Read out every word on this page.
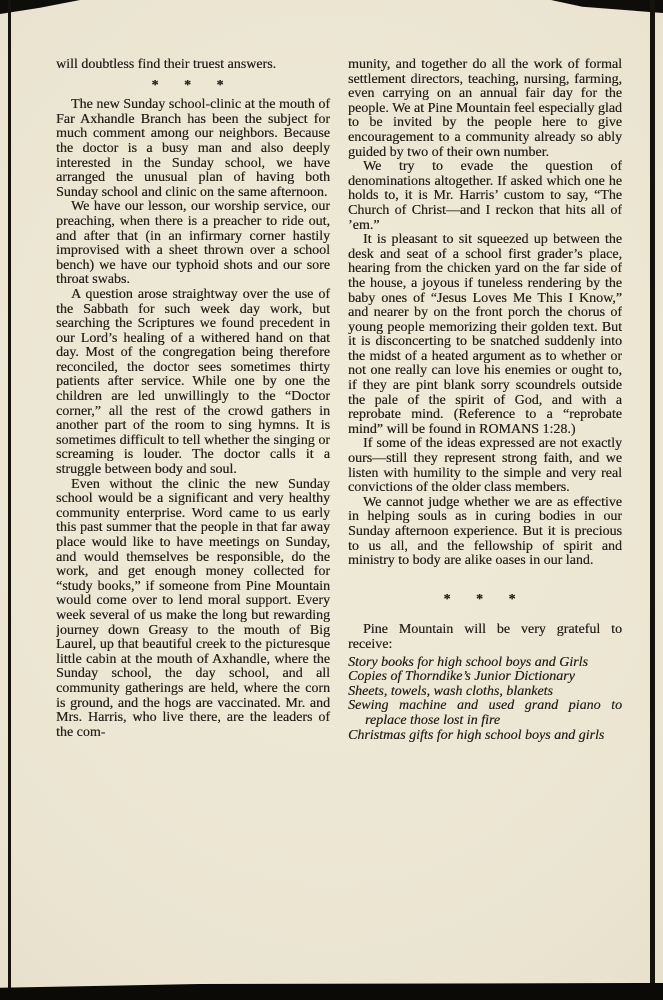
will doubtless find their truest answers.

* * *

The new Sunday school-clinic at the mouth of Far Axhandle Branch has been the subject for much comment among our neighbors. Because the doctor is a busy man and also deeply interested in the Sunday school, we have arranged the unusual plan of having both Sunday school and clinic on the same afternoon.

We have our lesson, our worship service, our preaching, when there is a preacher to ride out, and after that (in an infirmary corner hastily improvised with a sheet thrown over a school bench) we have our typhoid shots and our sore throat swabs.

A question arose straightway over the use of the Sabbath for such week day work, but searching the Scriptures we found precedent in our Lord’s healing of a withered hand on that day. Most of the congregation being therefore reconciled, the doctor sees sometimes thirty patients after service. While one by one the children are led unwillingly to the “Doctor corner,” all the rest of the crowd gathers in another part of the room to sing hymns. It is sometimes difficult to tell whether the singing or screaming is louder. The doctor calls it a struggle between body and soul.

Even without the clinic the new Sunday school would be a significant and very healthy community enterprise. Word came to us early this past summer that the people in that far away place would like to have meetings on Sunday, and would themselves be responsible, do the work, and get enough money collected for “study books,” if someone from Pine Mountain would come over to lend moral support. Every week several of us make the long but rewarding journey down Greasy to the mouth of Big Laurel, up that beautiful creek to the picturesque little cabin at the mouth of Axhandle, where the Sunday school, the day school, and all community gatherings are held, where the corn is ground, and the hogs are vaccinated. Mr. and Mrs. Harris, who live there, are the leaders of the com-

munity, and together do all the work of formal settlement directors, teaching, nursing, farming, even carrying on an annual fair day for the people. We at Pine Mountain feel especially glad to be invited by the people here to give encouragement to a community already so ably guided by two of their own number.

We try to evade the question of denominations altogether. If asked which one he holds to, it is Mr. Harris’ custom to say, “The Church of Christ—and I reckon that hits all of ’em.”

It is pleasant to sit squeezed up between the desk and seat of a school first grader’s place, hearing from the chicken yard on the far side of the house, a joyous if tuneless rendering by the baby ones of “Jesus Loves Me This I Know,” and nearer by on the front porch the chorus of young people memorizing their golden text. But it is disconcerting to be snatched suddenly into the midst of a heated argument as to whether or not one really can love his enemies or ought to, if they are pint blank sorry scoundrels outside the pale of the spirit of God, and with a reprobate mind. (Reference to a “reprobate mind” will be found in ROMANS 1:28.)

If some of the ideas expressed are not exactly ours—still they represent strong faith, and we listen with humility to the simple and very real convictions of the older class members.

We cannot judge whether we are as effective in helping souls as in curing bodies in our Sunday afternoon experience. But it is precious to us all, and the fellowship of spirit and ministry to body are alike oases in our land.

* * *

Pine Mountain will be very grateful to receive:

Story books for high school boys and Girls

Copies of Thorndike’s Junior Dictionary

Sheets, towels, wash cloths, blankets

Sewing machine and used grand piano to replace those lost in fire

Christmas gifts for high school boys and girls
